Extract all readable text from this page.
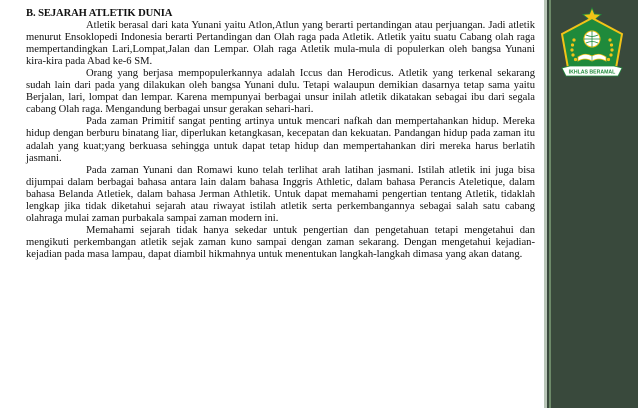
B. SEJARAH ATLETIK DUNIA
Atletik berasal dari kata Yunani yaitu Atlon,Atlun yang berarti pertandingan atau perjuangan. Jadi atletik menurut Ensoklopedi Indonesia berarti Pertandingan dan Olah raga pada Atletik. Atletik yaitu suatu Cabang olah raga mempertandingkan Lari,Lompat,Jalan dan Lempar. Olah raga Atletik mula-mula di populerkan oleh bangsa Yunani kira-kira pada Abad ke-6 SM.
Orang yang berjasa mempopulerkannya adalah Iccus dan Herodicus. Atletik yang terkenal sekarang sudah lain dari pada yang dilakukan oleh bangsa Yunani dulu. Tetapi walaupun demikian dasarnya tetap sama yaitu Berjalan, lari, lompat dan lempar. Karena mempunyai berbagai unsur inilah atletik dikatakan sebagai ibu dari segala cabang Olah raga. Mengandung berbagai unsur gerakan sehari-hari.
Pada zaman Primitif sangat penting artinya untuk mencari nafkah dan mempertahankan hidup. Mereka hidup dengan berburu binatang liar, diperlukan ketangkasan, kecepatan dan kekuatan. Pandangan hidup pada zaman itu adalah yang kuat;yang berkuasa sehingga untuk dapat tetap hidup dan mempertahankan diri mereka harus berlatih jasmani.
Pada zaman Yunani dan Romawi kuno telah terlihat arah latihan jasmani. Istilah atletik ini juga bisa dijumpai dalam berbagai bahasa antara lain dalam bahasa Inggris Athletic, dalam bahasa Perancis Ateletique, dalam bahasa Belanda Atletiek, dalam bahasa Jerman Athletik. Untuk dapat memahami pengertian tentang Atletik, tidaklah lengkap jika tidak diketahui sejarah atau riwayat istilah atletik serta perkembangannya sebagai salah satu cabang olahraga mulai zaman purbakala sampai zaman modern ini.
Memahami sejarah tidak hanya sekedar untuk pengertian dan pengetahuan tetapi mengetahui dan mengikuti perkembangan atletik sejak zaman kuno sampai dengan zaman sekarang. Dengan mengetahui kejadian-kejadian pada masa lampau, dapat diambil hikmahnya untuk menentukan langkah-langkah dimasa yang akan datang.
IKHLAS BERAMAL
